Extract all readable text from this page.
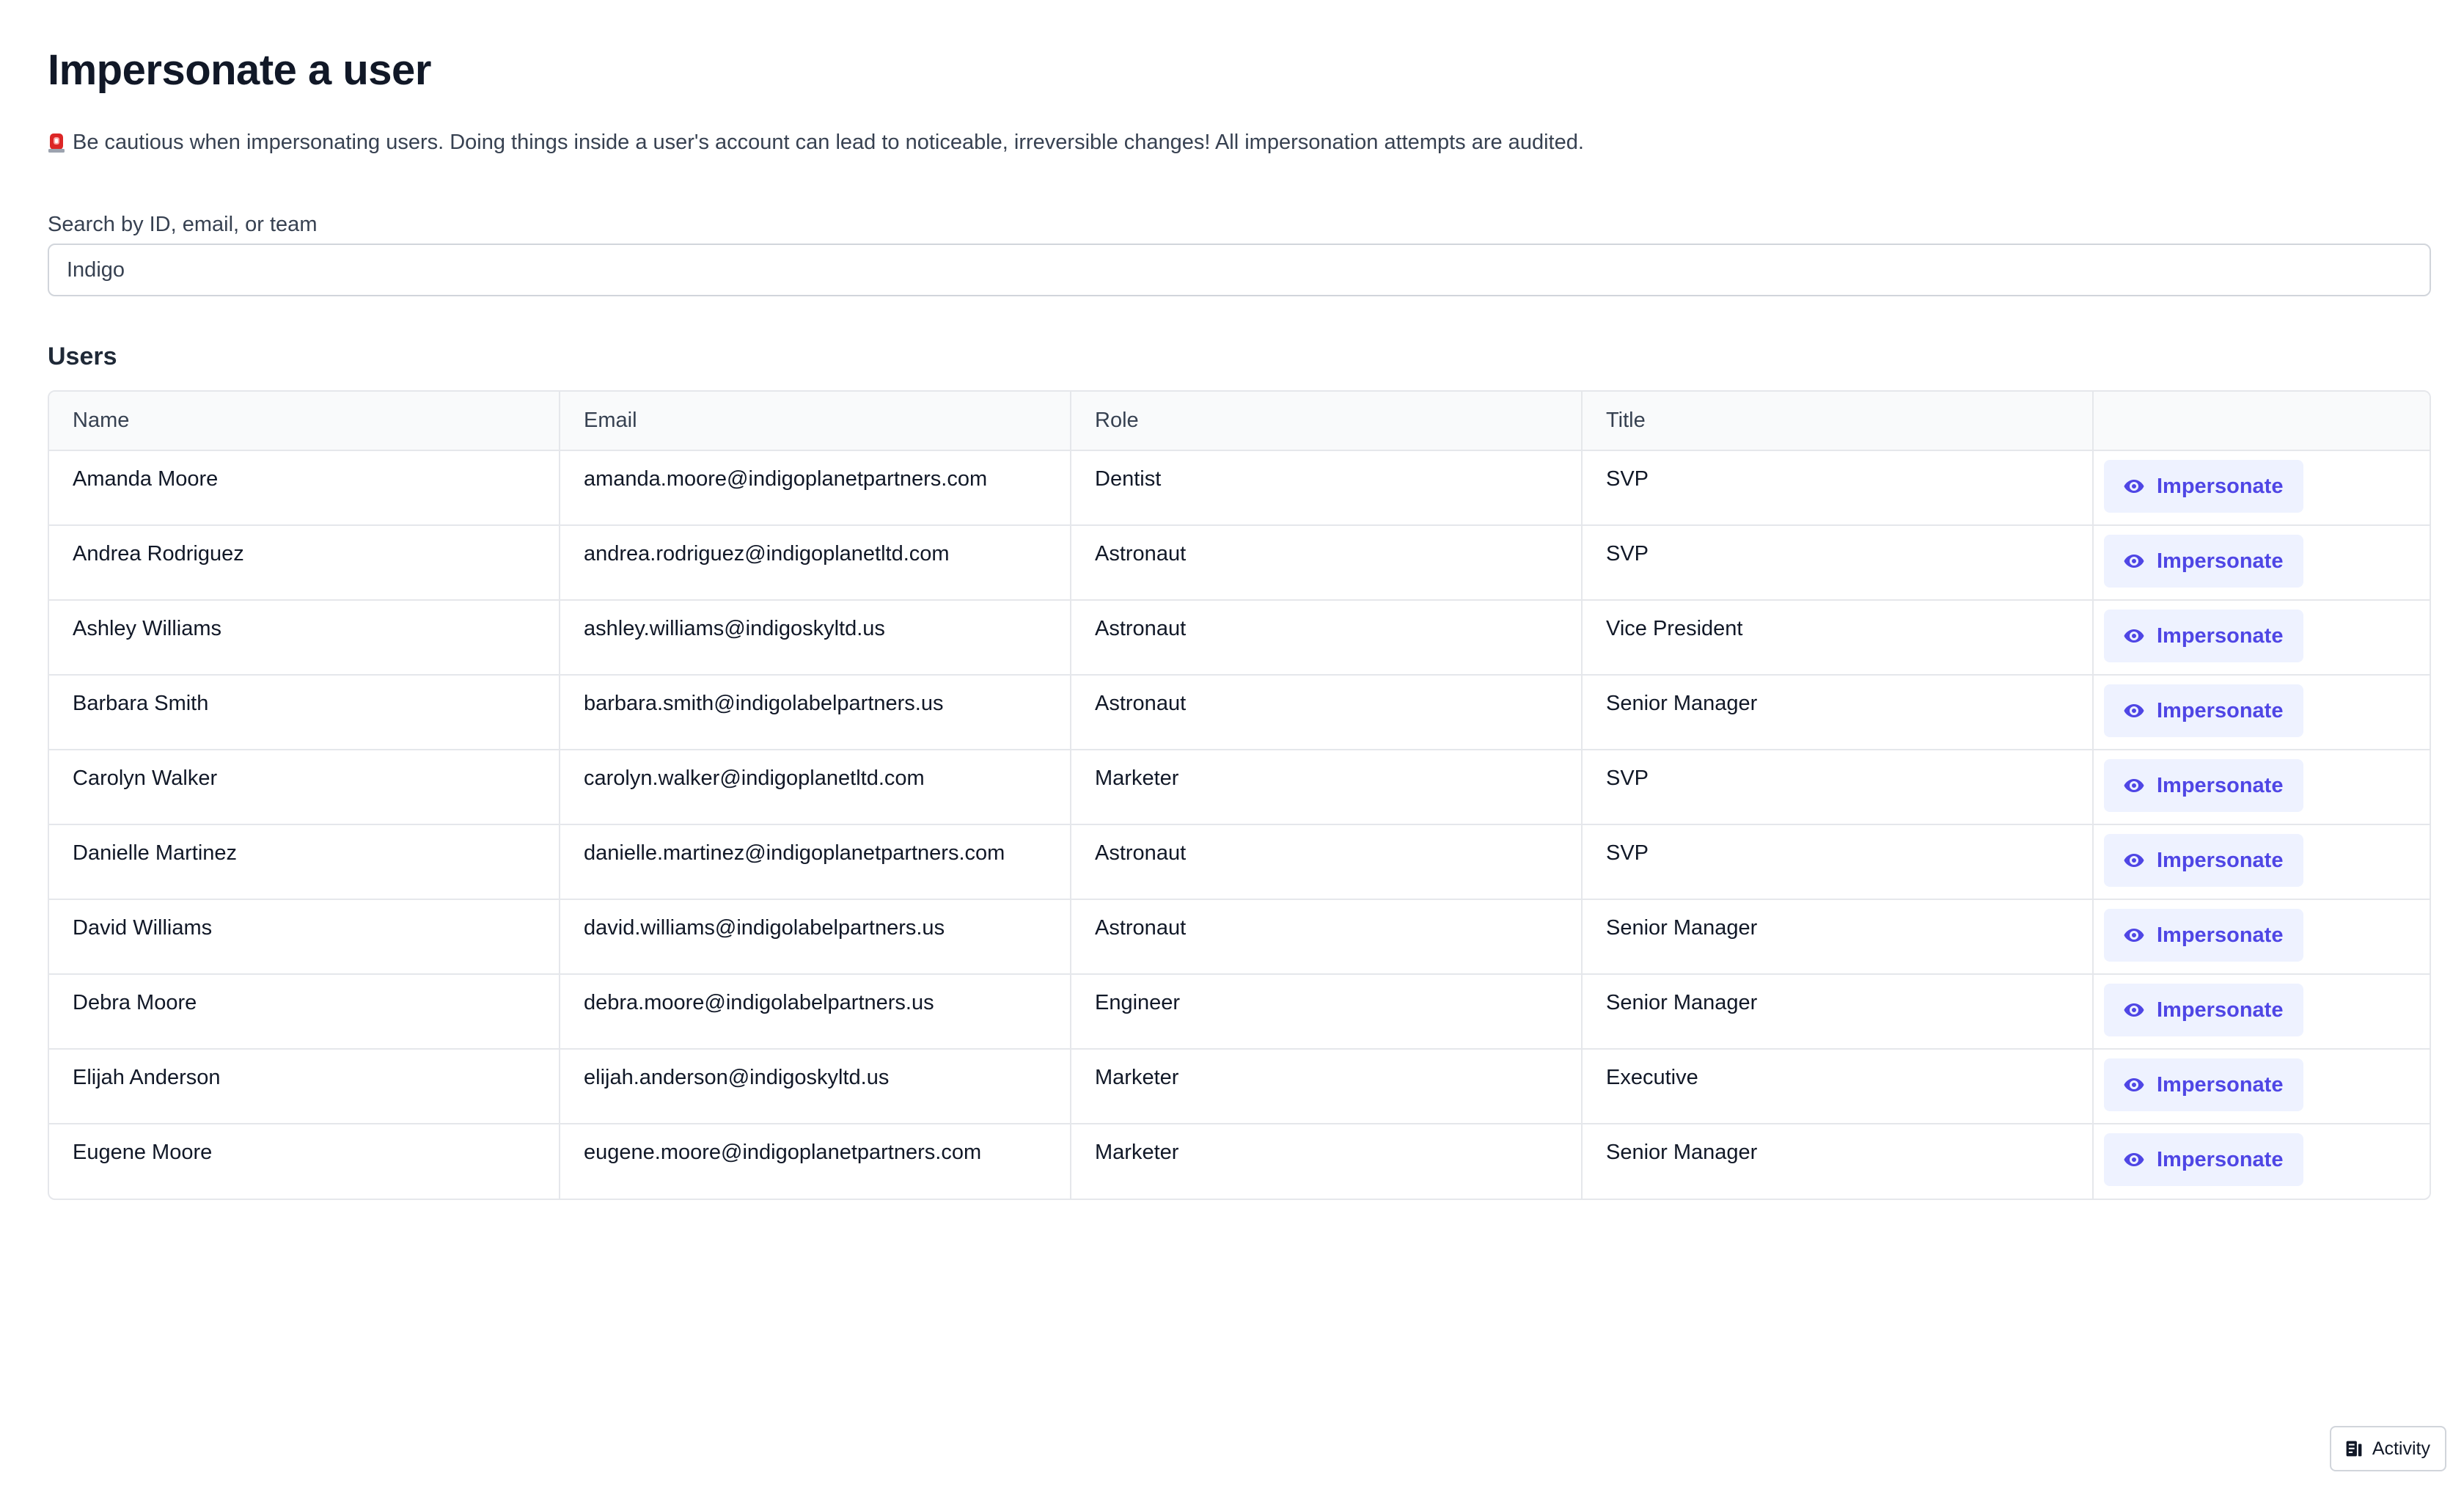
Impersonate a user
Be cautious when impersonating users. Doing things inside a user's account can lead to noticeable, irreversible changes! All impersonation attempts are audited.
Search by ID, email, or team
Indigo
Users
Name	Email	Role	Title	
Amanda Moore	amanda.moore@indigoplanetpartners.com	Dentist	SVP	Impersonate

Andrea Rodriguez	andrea.rodriguez@indigoplanetltd.com	Astronaut	SVP	Impersonate

Ashley Williams	ashley.williams@indigoskyltd.us	Astronaut	Vice President	Impersonate

Barbara Smith	barbara.smith@indigolabelpartners.us	Astronaut	Senior Manager	Impersonate

Carolyn Walker	carolyn.walker@indigoplanetltd.com	Marketer	SVP	Impersonate

Danielle Martinez	danielle.martinez@indigoplanetpartners.com	Astronaut	SVP	Impersonate

David Williams	david.williams@indigolabelpartners.us	Astronaut	Senior Manager	Impersonate

Debra Moore	debra.moore@indigolabelpartners.us	Engineer	Senior Manager	Impersonate

Elijah Anderson	elijah.anderson@indigoskyltd.us	Marketer	Executive	Impersonate

Eugene Moore	eugene.moore@indigoplanetpartners.com	Marketer	Senior Manager	Impersonate
Activity
